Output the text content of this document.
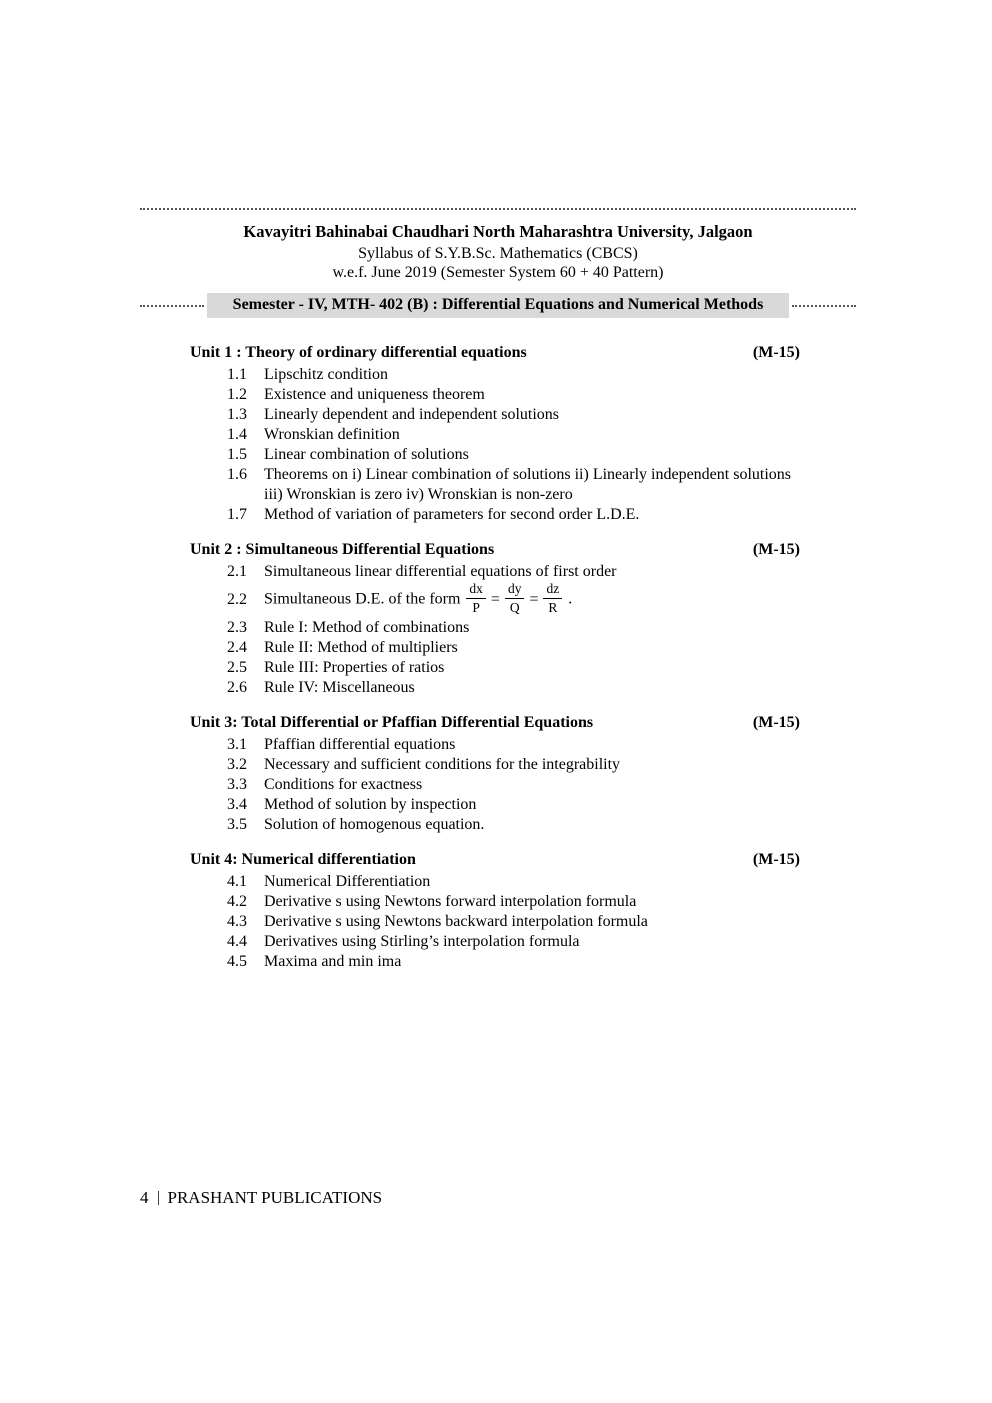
Kavayitri Bahinabai Chaudhari North Maharashtra University, Jalgaon
Syllabus of S.Y.B.Sc. Mathematics (CBCS)
w.e.f. June 2019 (Semester System 60 + 40 Pattern)
Semester - IV, MTH- 402 (B) : Differential Equations and Numerical Methods
Unit 1 : Theory of ordinary differential equations	(M-15)
1.1	Lipschitz condition
1.2	Existence and uniqueness theorem
1.3	Linearly dependent and independent solutions
1.4	Wronskian definition
1.5	Linear combination of solutions
1.6	Theorems on i) Linear combination of solutions ii) Linearly independent solutions iii) Wronskian is zero iv) Wronskian is non-zero
1.7	Method of variation of parameters for second order L.D.E.
Unit 2 : Simultaneous Differential Equations	(M-15)
2.1	Simultaneous linear differential equations of first order
2.2	Simultaneous D.E. of the form $\frac{dx}{P} = \frac{dy}{Q} = \frac{dz}{R}$ .
2.3	Rule I: Method of combinations
2.4	Rule II: Method of multipliers
2.5	Rule III: Properties of ratios
2.6	Rule IV: Miscellaneous
Unit 3: Total Differential or Pfaffian Differential Equations	(M-15)
3.1	Pfaffian differential equations
3.2	Necessary and sufficient conditions for the integrability
3.3	Conditions for exactness
3.4	Method of solution by inspection
3.5	Solution of homogenous equation.
Unit 4: Numerical differentiation	(M-15)
4.1	Numerical Differentiation
4.2	Derivative s using Newtons forward interpolation formula
4.3	Derivative s using Newtons backward interpolation formula
4.4	Derivatives using Stirling’s interpolation formula
4.5	Maxima and min ima
4 PRASHANT PUBLICATIONS
